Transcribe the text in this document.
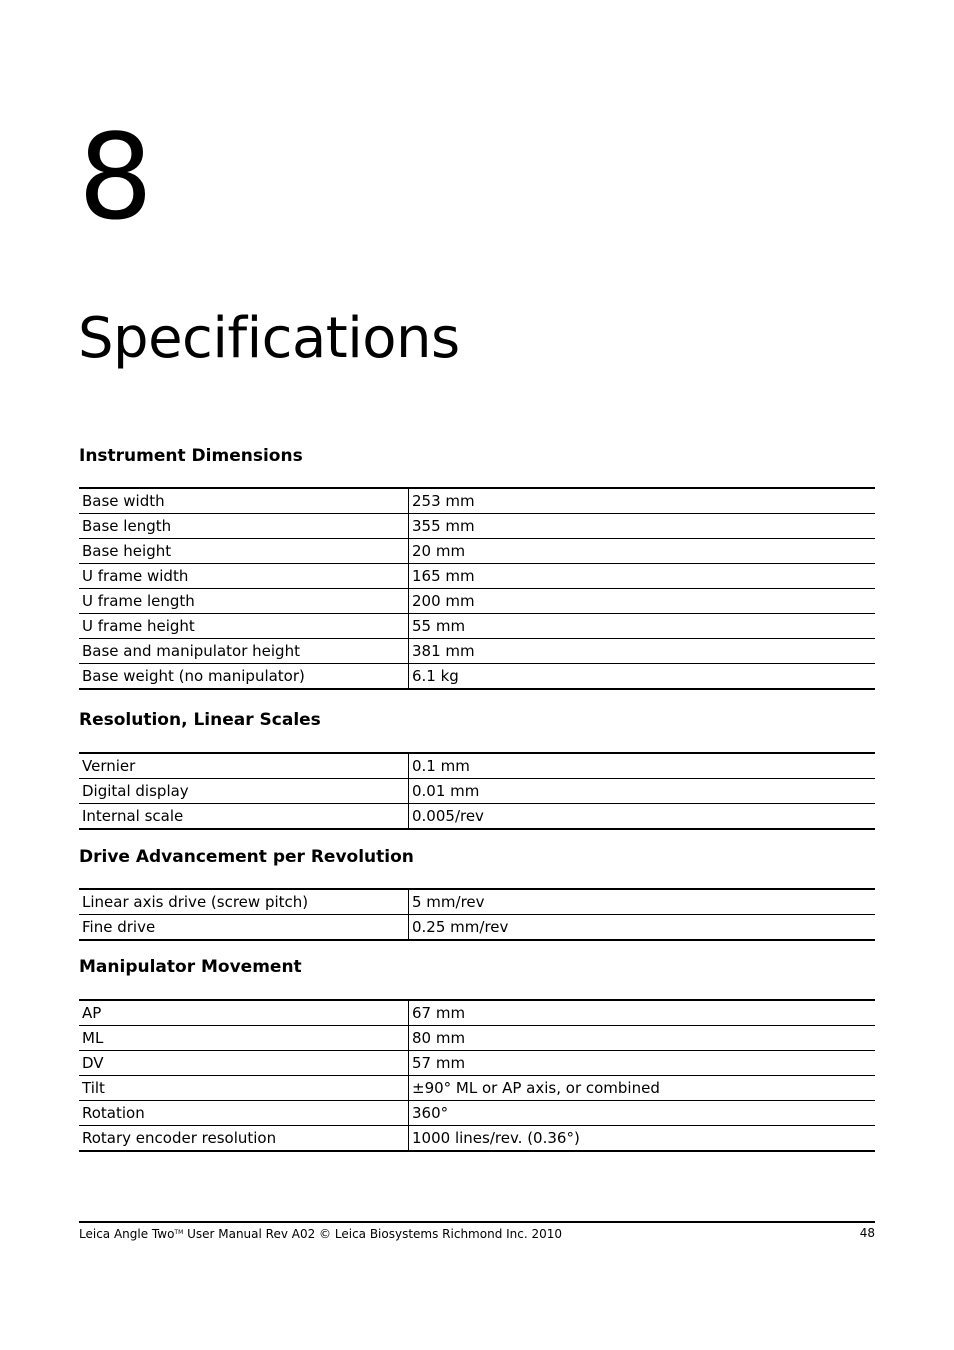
8
Specifications
Instrument Dimensions
Base width	253 mm
Base length	355 mm
Base height	20 mm
U frame width	165 mm
U frame length	200 mm
U frame height	55 mm
Base and manipulator height	381 mm
Base weight (no manipulator)	6.1 kg
Resolution, Linear Scales
Vernier	0.1 mm
Digital display	0.01 mm
Internal scale	0.005/rev
Drive Advancement per Revolution
Linear axis drive (screw pitch)	5 mm/rev
Fine drive	0.25 mm/rev
Manipulator Movement
AP	67 mm
ML	80 mm
DV	57 mm
Tilt	±90° ML or AP axis, or combined
Rotation	360°
Rotary encoder resolution	1000 lines/rev. (0.36°)
Leica Angle Two™ User Manual Rev A02 © Leica Biosystems Richmond Inc. 2010	48
